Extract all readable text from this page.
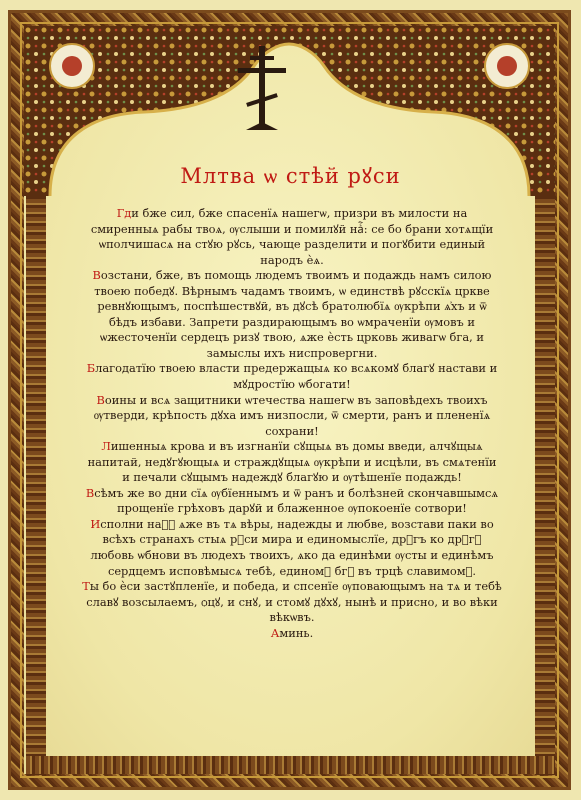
Млтва ѡ стѣй рꙋси

Гди бже сил, бже спасенїѧ нашегѡ, призри въ милости на смиренныѧ рабы твоѧ, ѹслыши и помилꙋй наⷭ҇: се бо брани хотѧщїи ѡполчишасѧ на стꙋю рꙋсь, чающе разделити и погꙋбити единый народъ ѐѧ.

Возстани, бже, въ помощь людемъ твоимъ и подаждь намъ силою твоею победꙋ. Вѣрнымъ чадамъ твоимъ, ѡ единствѣ рꙋсскїѧ цркве ревнꙋющымъ, поспѣшествꙋй, въ дꙋсѣ братолюбїѧ ѹкрѣпи ѧ҆хъ и ѿ бѣдъ избави. Запрети раздирающымъ во ѡмраченїи ѹмовъ и ѡжесточенїи сердецъ ризꙋ твою, ѧже ѐсть црковь живагѡ бга, и замыслы ихъ ниспровергни.

Благодатїю твоею власти предержащыѧ ко всѧкомꙋ благꙋ настави и мꙋдростїю ѡбогати!

Воины и всѧ защитники ѡтечества нашегѡ въ заповѣдехъ твоихъ ѹтверди, крѣпость дꙋха имъ низпосли, ѿ смерти, ранъ и плененїѧ сохрани!

Лишенныѧ крова и въ изгнанїи сꙋщыѧ въ домы введи, алчꙋщыѧ напитай, недꙋгꙋющыѧ и страждꙋщыѧ ѹкрѣпи и исцѣли, въ смѧтенїи и печали сꙋщымъ надеждꙋ благꙋю и ѹтѣшенїе подаждь!

Всѣмъ же во дни сїѧ ѹбїеннымъ и ѿ ранъ и болѣзней скончавшымсѧ прощенїе грѣховъ дарꙋй и блаженное ѹпокоенїе сотвори!

Исполни наⷭ҇ ѧже въ тѧ вѣры, надежды и любве, возстави паки во всѣхъ странахъ стыѧ рꙋси мира и единомыслїе, дрꙋгъ ко дрꙋгꙋ любовь ѡбнови въ людехъ твоихъ, ѧко да единѣми ѹсты и единѣмъ сердцемъ исповѣмысѧ тебѣ, единомꙋ бгꙋ въ трцѣ славимомꙋ.

Ты бо ѐси застꙋпленїе, и победа, и спсенїе ѹпова‌ющымъ на тѧ и тебѣ славꙋ возсылаемъ, ѻцꙋ, и снꙋ, и стомꙋ дꙋхꙋ, нынѣ и присно, и во вѣки вѣкѡвъ.

Аминь.
